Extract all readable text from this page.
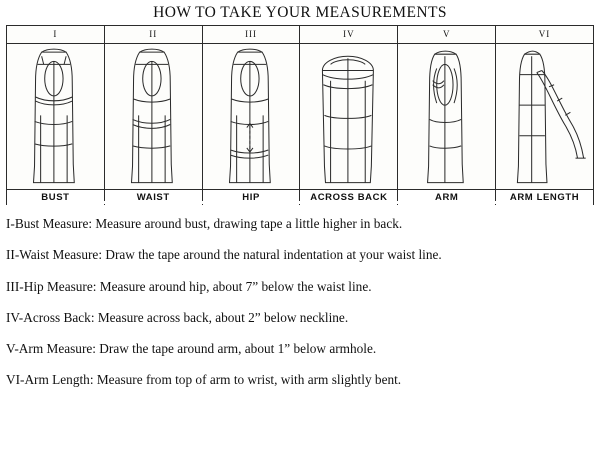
HOW TO TAKE YOUR MEASUREMENTS
I
BUST
II
WAIST
III
HIP
IV
ACROSS BACK
V
ARM
VI
ARM LENGTH

I-Bust Measure: Measure around bust, drawing tape a little higher in back.

II-Waist Measure: Draw the tape around the natural indentation at your waist line.

III-Hip Measure: Measure around hip, about 7” below the waist line.

IV-Across Back: Measure across back, about 2” below neckline.

V-Arm Measure: Draw the tape around arm, about 1” below armhole.

VI-Arm Length: Measure from top of arm to wrist, with arm slightly bent.
